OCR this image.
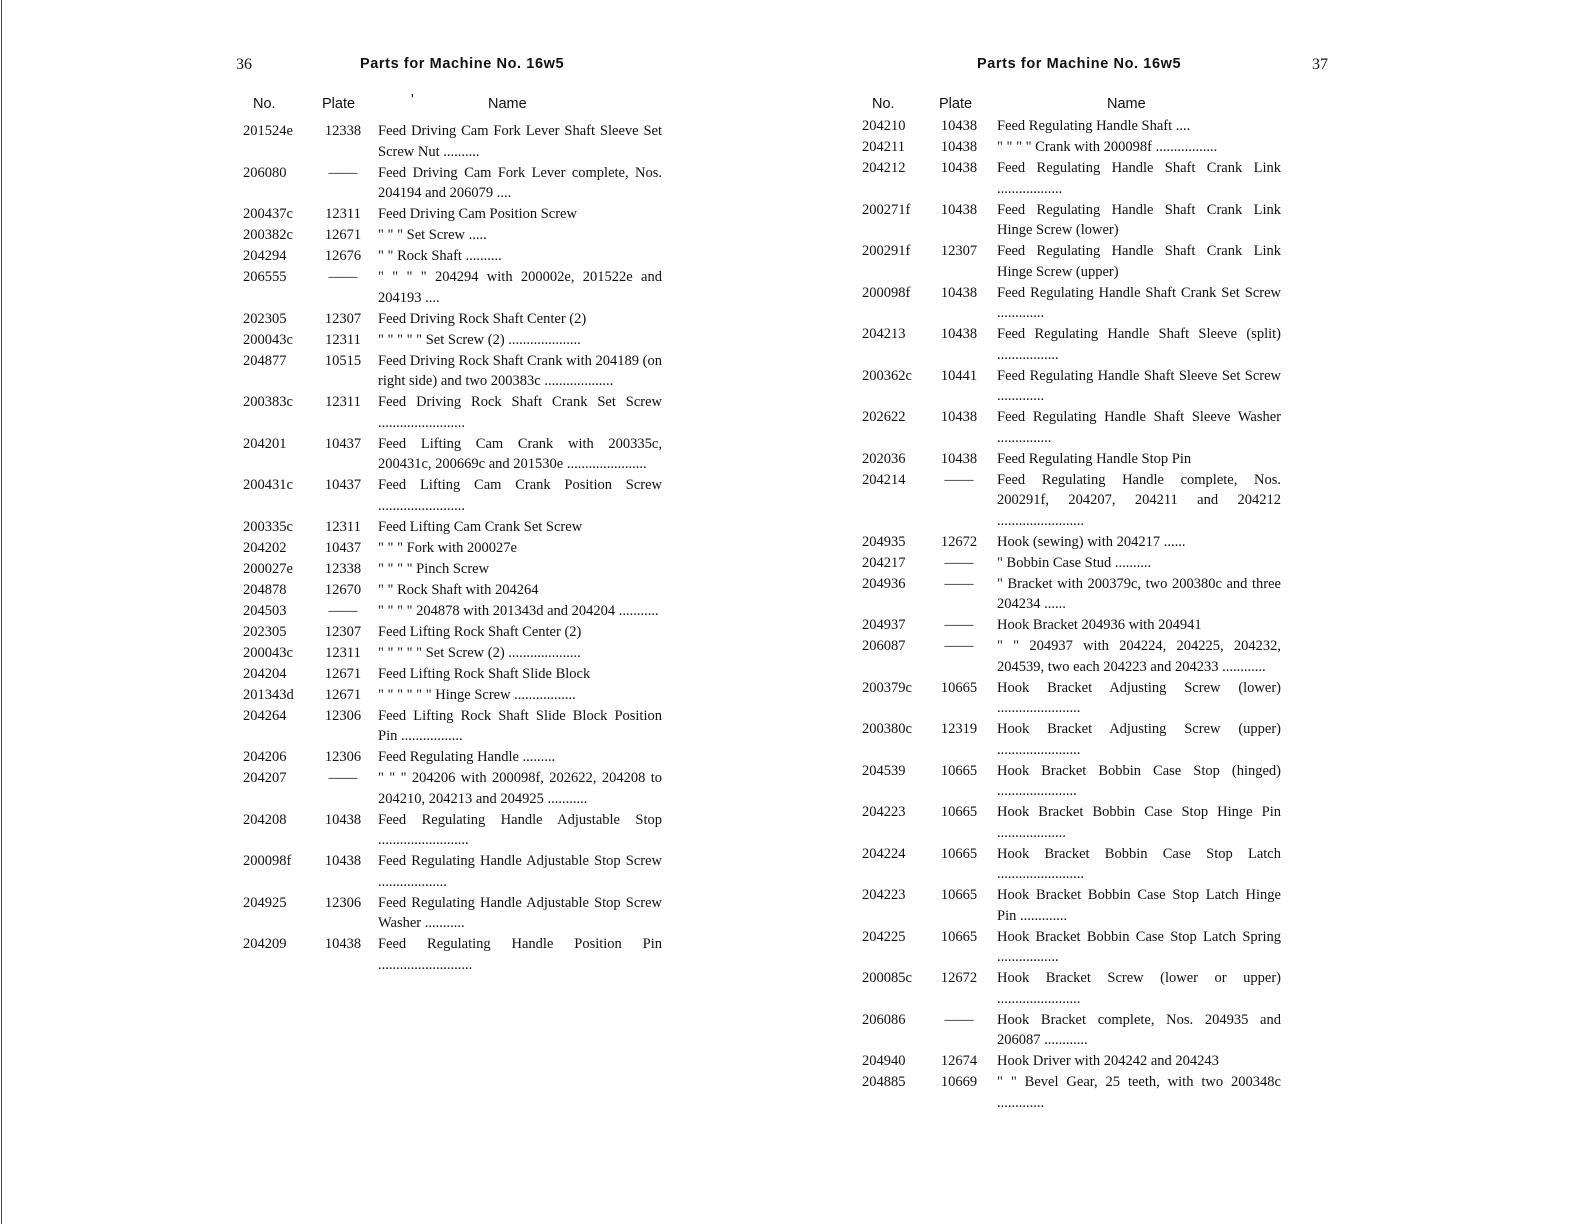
36	Parts for Machine No. 16w5
No.	Plate	'	Name
201524e	12338	Feed Driving Cam Fork Lever Shaft Sleeve Set Screw Nut ..........
206080	——	Feed Driving Cam Fork Lever complete, Nos. 204194 and 206079 ....
200437c	12311	Feed Driving Cam Position Screw
200382c	12671	" " " Set Screw .....
204294	12676	" " Rock Shaft ..........
206555	——	" " " " 204294 with 200002e, 201522e and 204193 ....
202305	12307	Feed Driving Rock Shaft Center (2)
200043c	12311	" " " " " Set Screw (2) ....................
204877	10515	Feed Driving Rock Shaft Crank with 204189 (on right side) and two 200383c ...................
200383c	12311	Feed Driving Rock Shaft Crank Set Screw ........................
204201	10437	Feed Lifting Cam Crank with 200335c, 200431c, 200669c and 201530e ......................
200431c	10437	Feed Lifting Cam Crank Position Screw ........................
200335c	12311	Feed Lifting Cam Crank Set Screw
204202	10437	" " " Fork with 200027e
200027e	12338	" " " " Pinch Screw
204878	12670	" " Rock Shaft with 204264
204503	——	" " " " 204878 with 201343d and 204204 ...........
202305	12307	Feed Lifting Rock Shaft Center (2)
200043c	12311	" " " " " Set Screw (2) ....................
204204	12671	Feed Lifting Rock Shaft Slide Block
201343d	12671	" " " " " " Hinge Screw .................
204264	12306	Feed Lifting Rock Shaft Slide Block Position Pin .................
204206	12306	Feed Regulating Handle .........
204207	——	" " " 204206 with 200098f, 202622, 204208 to 204210, 204213 and 204925 ...........
204208	10438	Feed Regulating Handle Adjustable Stop .........................
200098f	10438	Feed Regulating Handle Adjustable Stop Screw ...................
204925	12306	Feed Regulating Handle Adjustable Stop Screw Washer ...........
204209	10438	Feed Regulating Handle Position Pin ..........................
37
Parts for Machine No. 16w5
No.	Plate	Name
204210	10438	Feed Regulating Handle Shaft ....
204211	10438	" " " " Crank with 200098f .................
204212	10438	Feed Regulating Handle Shaft Crank Link ..................
200271f	10438	Feed Regulating Handle Shaft Crank Link Hinge Screw (lower)
200291f	12307	Feed Regulating Handle Shaft Crank Link Hinge Screw (upper)
200098f	10438	Feed Regulating Handle Shaft Crank Set Screw .............
204213	10438	Feed Regulating Handle Shaft Sleeve (split) .................
200362c	10441	Feed Regulating Handle Shaft Sleeve Set Screw .............
202622	10438	Feed Regulating Handle Shaft Sleeve Washer ...............
202036	10438	Feed Regulating Handle Stop Pin
204214	——	Feed Regulating Handle complete, Nos. 200291f, 204207, 204211 and 204212 ........................
204935	12672	Hook (sewing) with 204217 ......
204217	——	" Bobbin Case Stud ..........
204936	——	" Bracket with 200379c, two 200380c and three 204234 ......
204937	——	Hook Bracket 204936 with 204941
206087	——	" " 204937 with 204224, 204225, 204232, 204539, two each 204223 and 204233 ............
200379c	10665	Hook Bracket Adjusting Screw (lower) .......................
200380c	12319	Hook Bracket Adjusting Screw (upper) .......................
204539	10665	Hook Bracket Bobbin Case Stop (hinged) ......................
204223	10665	Hook Bracket Bobbin Case Stop Hinge Pin ...................
204224	10665	Hook Bracket Bobbin Case Stop Latch ........................
204223	10665	Hook Bracket Bobbin Case Stop Latch Hinge Pin .............
204225	10665	Hook Bracket Bobbin Case Stop Latch Spring .................
200085c	12672	Hook Bracket Screw (lower or upper) .......................
206086	——	Hook Bracket complete, Nos. 204935 and 206087 ............
204940	12674	Hook Driver with 204242 and 204243
204885	10669	" " Bevel Gear, 25 teeth, with two 200348c .............
